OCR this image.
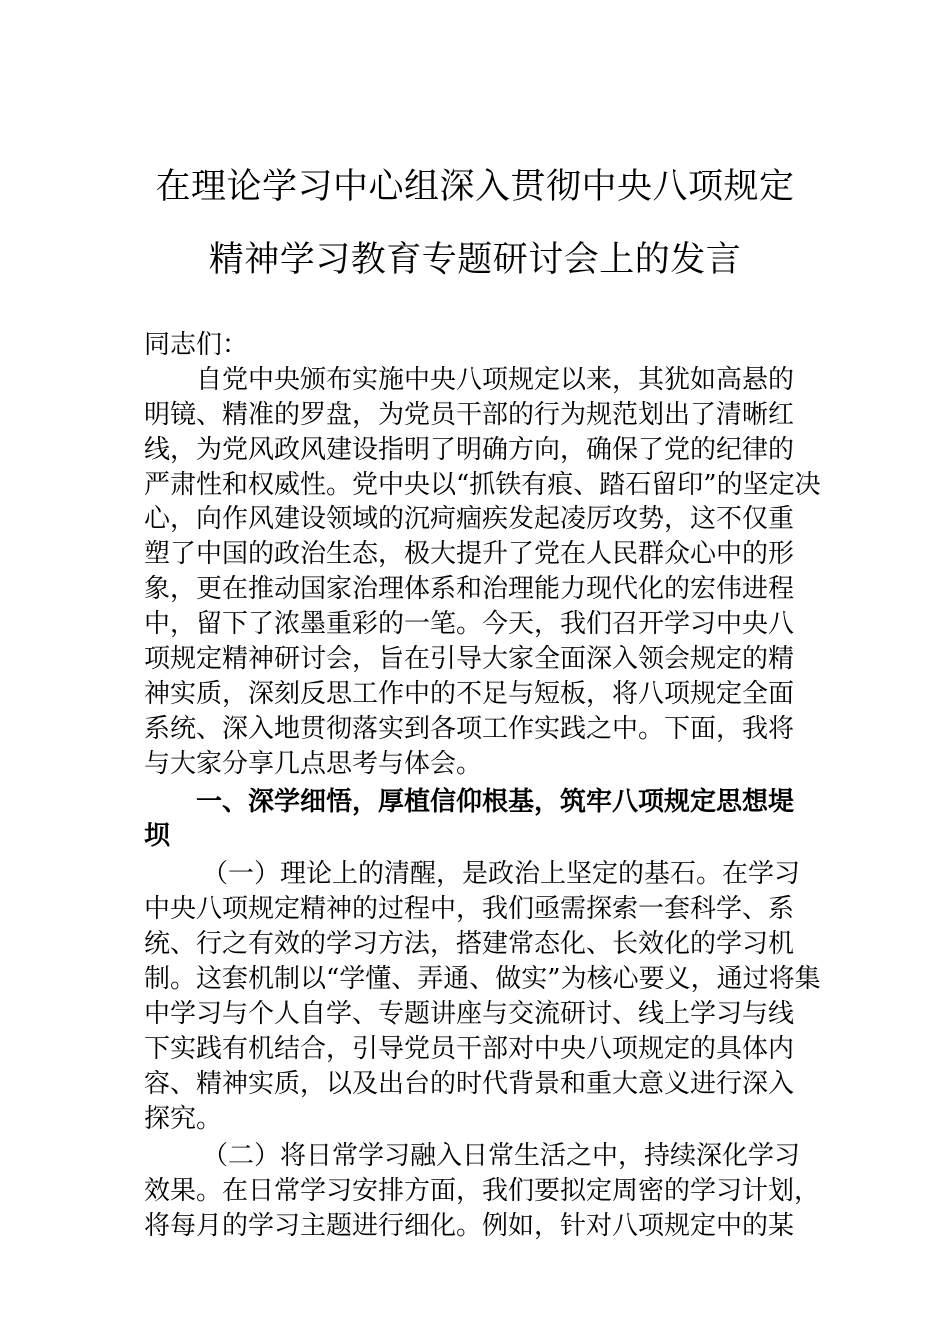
在理论学习中心组深入贯彻中央八项规定
精神学习教育专题研讨会上的发言
同志们：
自党中央颁布实施中央八项规定以来，其犹如高悬的
明镜、精准的罗盘，为党员干部的行为规范划出了清晰红
线，为党风政风建设指明了明确方向，确保了党的纪律的
严肃性和权威性。党中央以“抓铁有痕、踏石留印”的坚定决
心，向作风建设领域的沉疴痼疾发起凌厉攻势，这不仅重
塑了中国的政治生态，极大提升了党在人民群众心中的形
象，更在推动国家治理体系和治理能力现代化的宏伟进程
中，留下了浓墨重彩的一笔。今天，我们召开学习中央八
项规定精神研讨会，旨在引导大家全面深入领会规定的精
神实质，深刻反思工作中的不足与短板，将八项规定全面
系统、深入地贯彻落实到各项工作实践之中。下面，我将
与大家分享几点思考与体会。
一、深学细悟，厚植信仰根基，筑牢八项规定思想堤
坝
（一）理论上的清醒，是政治上坚定的基石。在学习
中央八项规定精神的过程中，我们亟需探索一套科学、系
统、行之有效的学习方法，搭建常态化、长效化的学习机
制。这套机制以“学懂、弄通、做实”为核心要义，通过将集
中学习与个人自学、专题讲座与交流研讨、线上学习与线
下实践有机结合，引导党员干部对中央八项规定的具体内
容、精神实质，以及出台的时代背景和重大意义进行深入
探究。
（二）将日常学习融入日常生活之中，持续深化学习
效果。在日常学习安排方面，我们要拟定周密的学习计划，
将每月的学习主题进行细化。例如，针对八项规定中的某
